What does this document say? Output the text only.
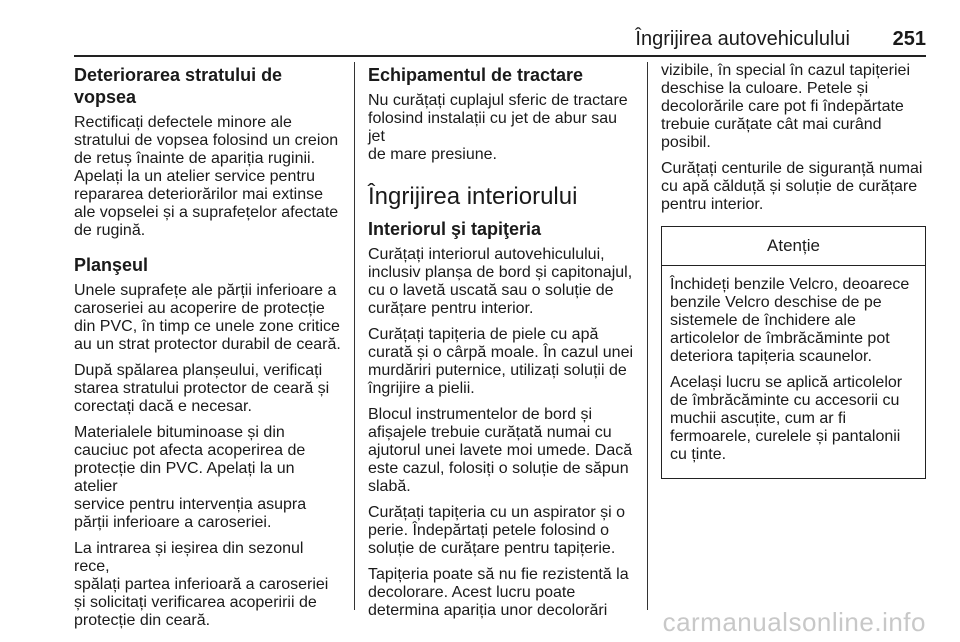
Îngrijirea autovehiculului 251
Deteriorarea stratului de vopsea

Rectificați defectele minore ale
stratului de vopsea folosind un creion
de retuș înainte de apariția ruginii.
Apelați la un atelier service pentru
repararea deteriorărilor mai extinse
ale vopselei și a suprafețelor afectate
de rugină.

Planşeul

Unele suprafețe ale părții inferioare a
caroseriei au acoperire de protecție
din PVC, în timp ce unele zone critice
au un strat protector durabil de ceară.

După spălarea planșeului, verificați
starea stratului protector de ceară și
corectați dacă e necesar.

Materialele bituminoase și din
cauciuc pot afecta acoperirea de
protecție din PVC. Apelați la un atelier
service pentru intervenția asupra
părții inferioare a caroseriei.

La intrarea și ieșirea din sezonul rece,
spălați partea inferioară a caroseriei
și solicitați verificarea acoperirii de
protecție din ceară.

Echipamentul de tractare

Nu curățați cuplajul sferic de tractare
folosind instalații cu jet de abur sau jet
de mare presiune.

Îngrijirea interiorului
Interiorul şi tapiţeria

Curățați interiorul autovehiculului,
inclusiv planșa de bord și capitonajul,
cu o lavetă uscată sau o soluție de
curățare pentru interior.

Curățați tapițeria de piele cu apă
curată și o cârpă moale. În cazul unei
murdăriri puternice, utilizați soluții de
îngrijire a pielii.

Blocul instrumentelor de bord și
afișajele trebuie curățată numai cu
ajutorul unei lavete moi umede. Dacă
este cazul, folosiți o soluție de săpun
slabă.

Curățați tapițeria cu un aspirator și o
perie. Îndepărtați petele folosind o
soluție de curățare pentru tapițerie.

Tapițeria poate să nu fie rezistentă la
decolorare. Acest lucru poate
determina apariția unor decolorări

vizibile, în special în cazul tapițeriei
deschise la culoare. Petele și
decolorările care pot fi îndepărtate
trebuie curățate cât mai curând
posibil.

Curățați centurile de siguranță numai
cu apă călduță și soluție de curățare
pentru interior.

Atenție

Închideți benzile Velcro, deoarece
benzile Velcro deschise de pe
sistemele de închidere ale
articolelor de îmbrăcăminte pot
deteriora tapițeria scaunelor.

Același lucru se aplică articolelor
de îmbrăcăminte cu accesorii cu
muchii ascuțite, cum ar fi
fermoarele, curelele și pantalonii
cu ținte.

carmanualsonline.info
